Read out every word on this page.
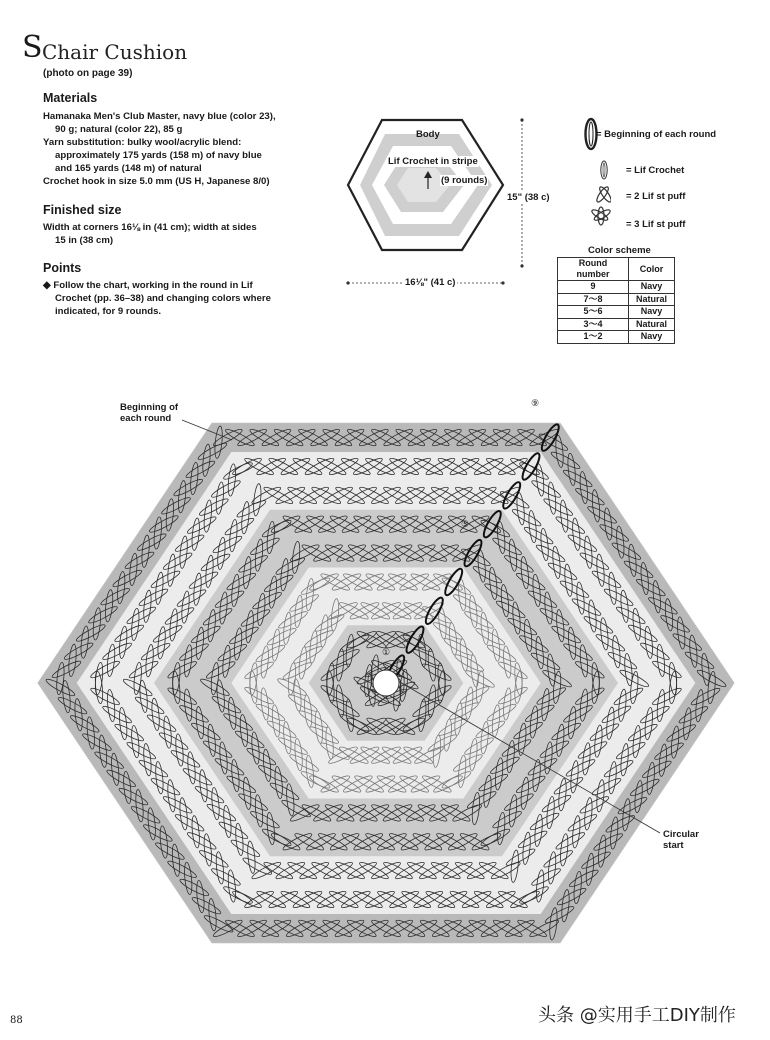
S Chair Cushion
(photo on page 39)
Materials
Hamanaka Men's Club Master, navy blue (color 23),
90 g; natural (color 22), 85 g
Yarn substitution: bulky wool/acrylic blend:
approximately 175 yards (158 m) of navy blue
and 165 yards (148 m) of natural
Crochet hook in size 5.0 mm (US H, Japanese 8/0)
Finished size
Width at corners 16⅛ in (41 cm); width at sides
15 in (38 cm)
Points
◆ Follow the chart, working in the round in Lif
Crochet (pp. 36–38) and changing colors where
indicated, for 9 rounds.
Body
Lif Crochet in stripe
(9 rounds)
15" (38 c)
16⅛" (41 c)
= Beginning of each round
= Lif Crochet
= 2 Lif st puff
= 3 Lif st puff
Color scheme
Round number	Color
9	Navy
7～8	Natural
5～6	Navy
3～4	Natural
1～2	Navy
Beginning of
each round
Circular
start
①
⑤
⑨
88	头条 @实用手工DIY制作
